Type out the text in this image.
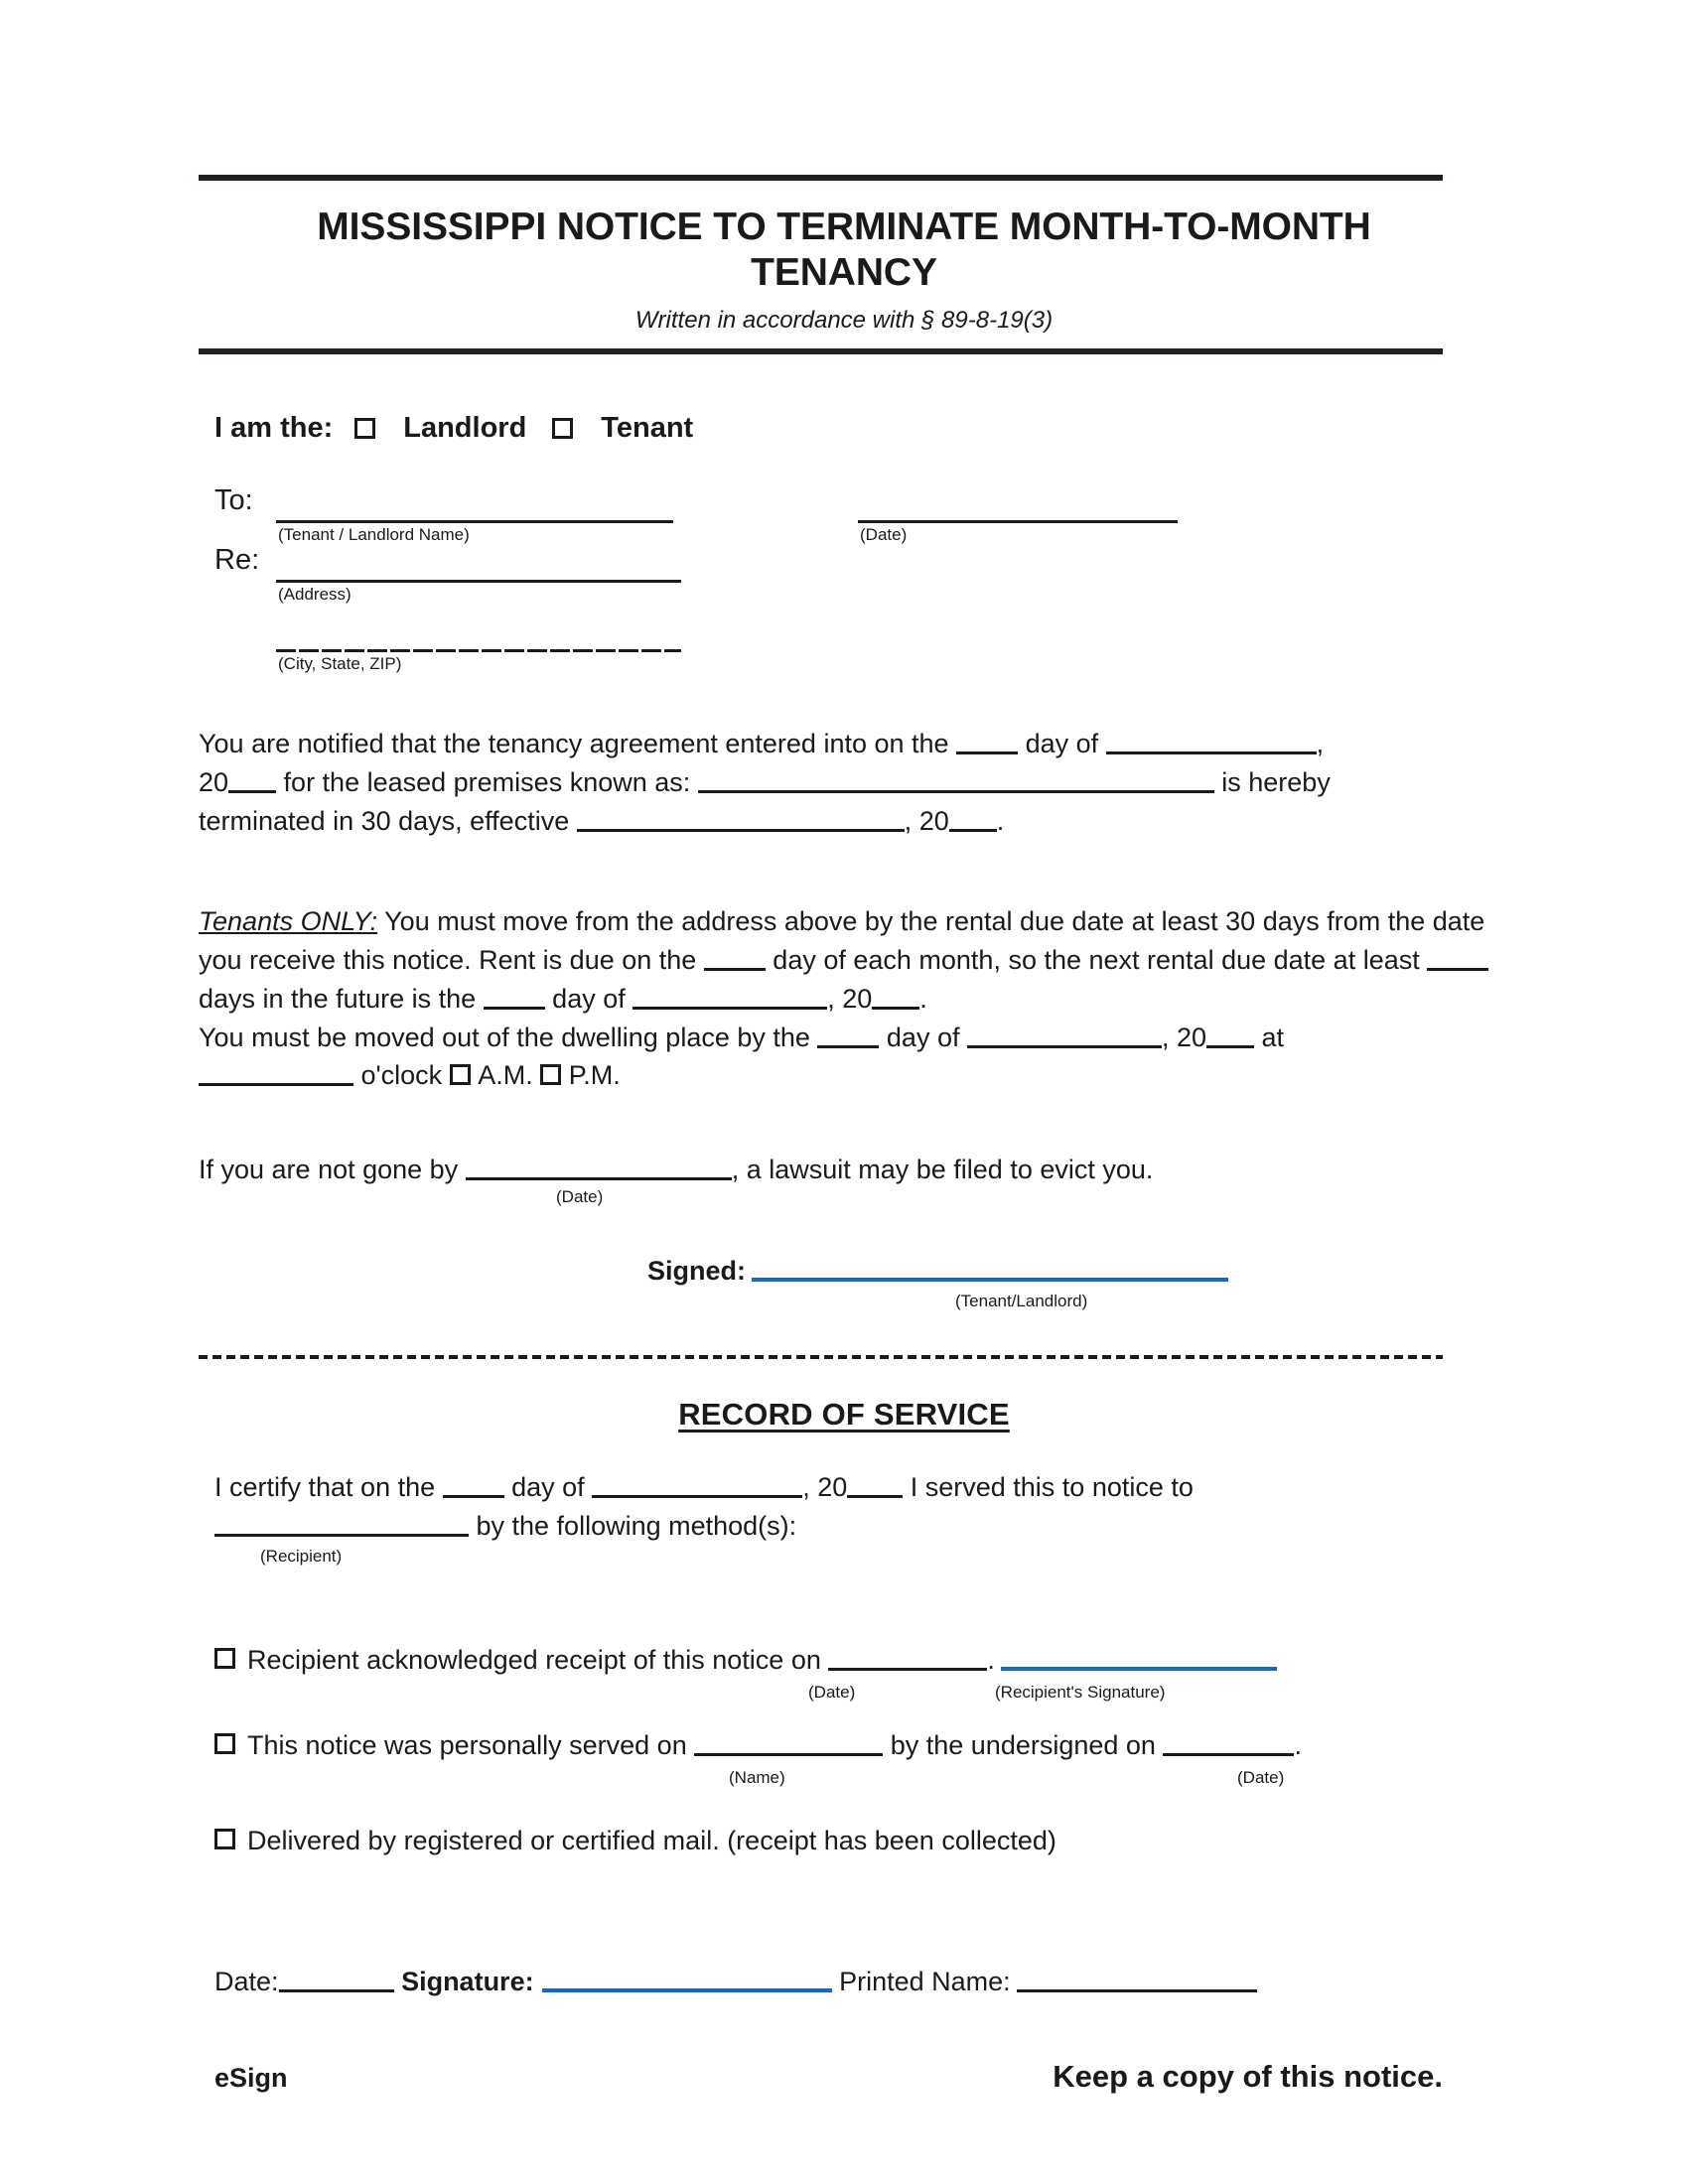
MISSISSIPPI NOTICE TO TERMINATE MONTH-TO-MONTH TENANCY
Written in accordance with § 89-8-19(3)
I am the: Landlord	Tenant
To:
(Tenant / Landlord Name)	(Date)
Re:
(Address)
(City, State, ZIP)
You are notified that the tenancy agreement entered into on the  day of	,
20 for the leased premises known as:	is hereby
terminated in 30 days, effective	, 20 .
Tenants ONLY: You must move from the address above by the rental due date at least 30 days from the date you receive this notice. Rent is due on the  day of each month, so the next rental due date at least  days in the future is the  day of	, 20 .
You must be moved out of the dwelling place by the  day of	, 20 at
o'clock  A.M. P.M.
If you are not gone by	, a lawsuit may be filed to evict you.
(Date)
Signed:
(Tenant/Landlord)
RECORD OF SERVICE
I certify that on the  day of	, 20 I served this to notice to
by the following method(s):
(Recipient)
Recipient acknowledged receipt of this notice on	.
(Date)	(Recipient's Signature)
This notice was personally served on	by the undersigned on	.
(Name)	(Date)
Delivered by registered or certified mail. (receipt has been collected)
Date:	Signature:	Printed Name:
eSign	Keep a copy of this notice.
